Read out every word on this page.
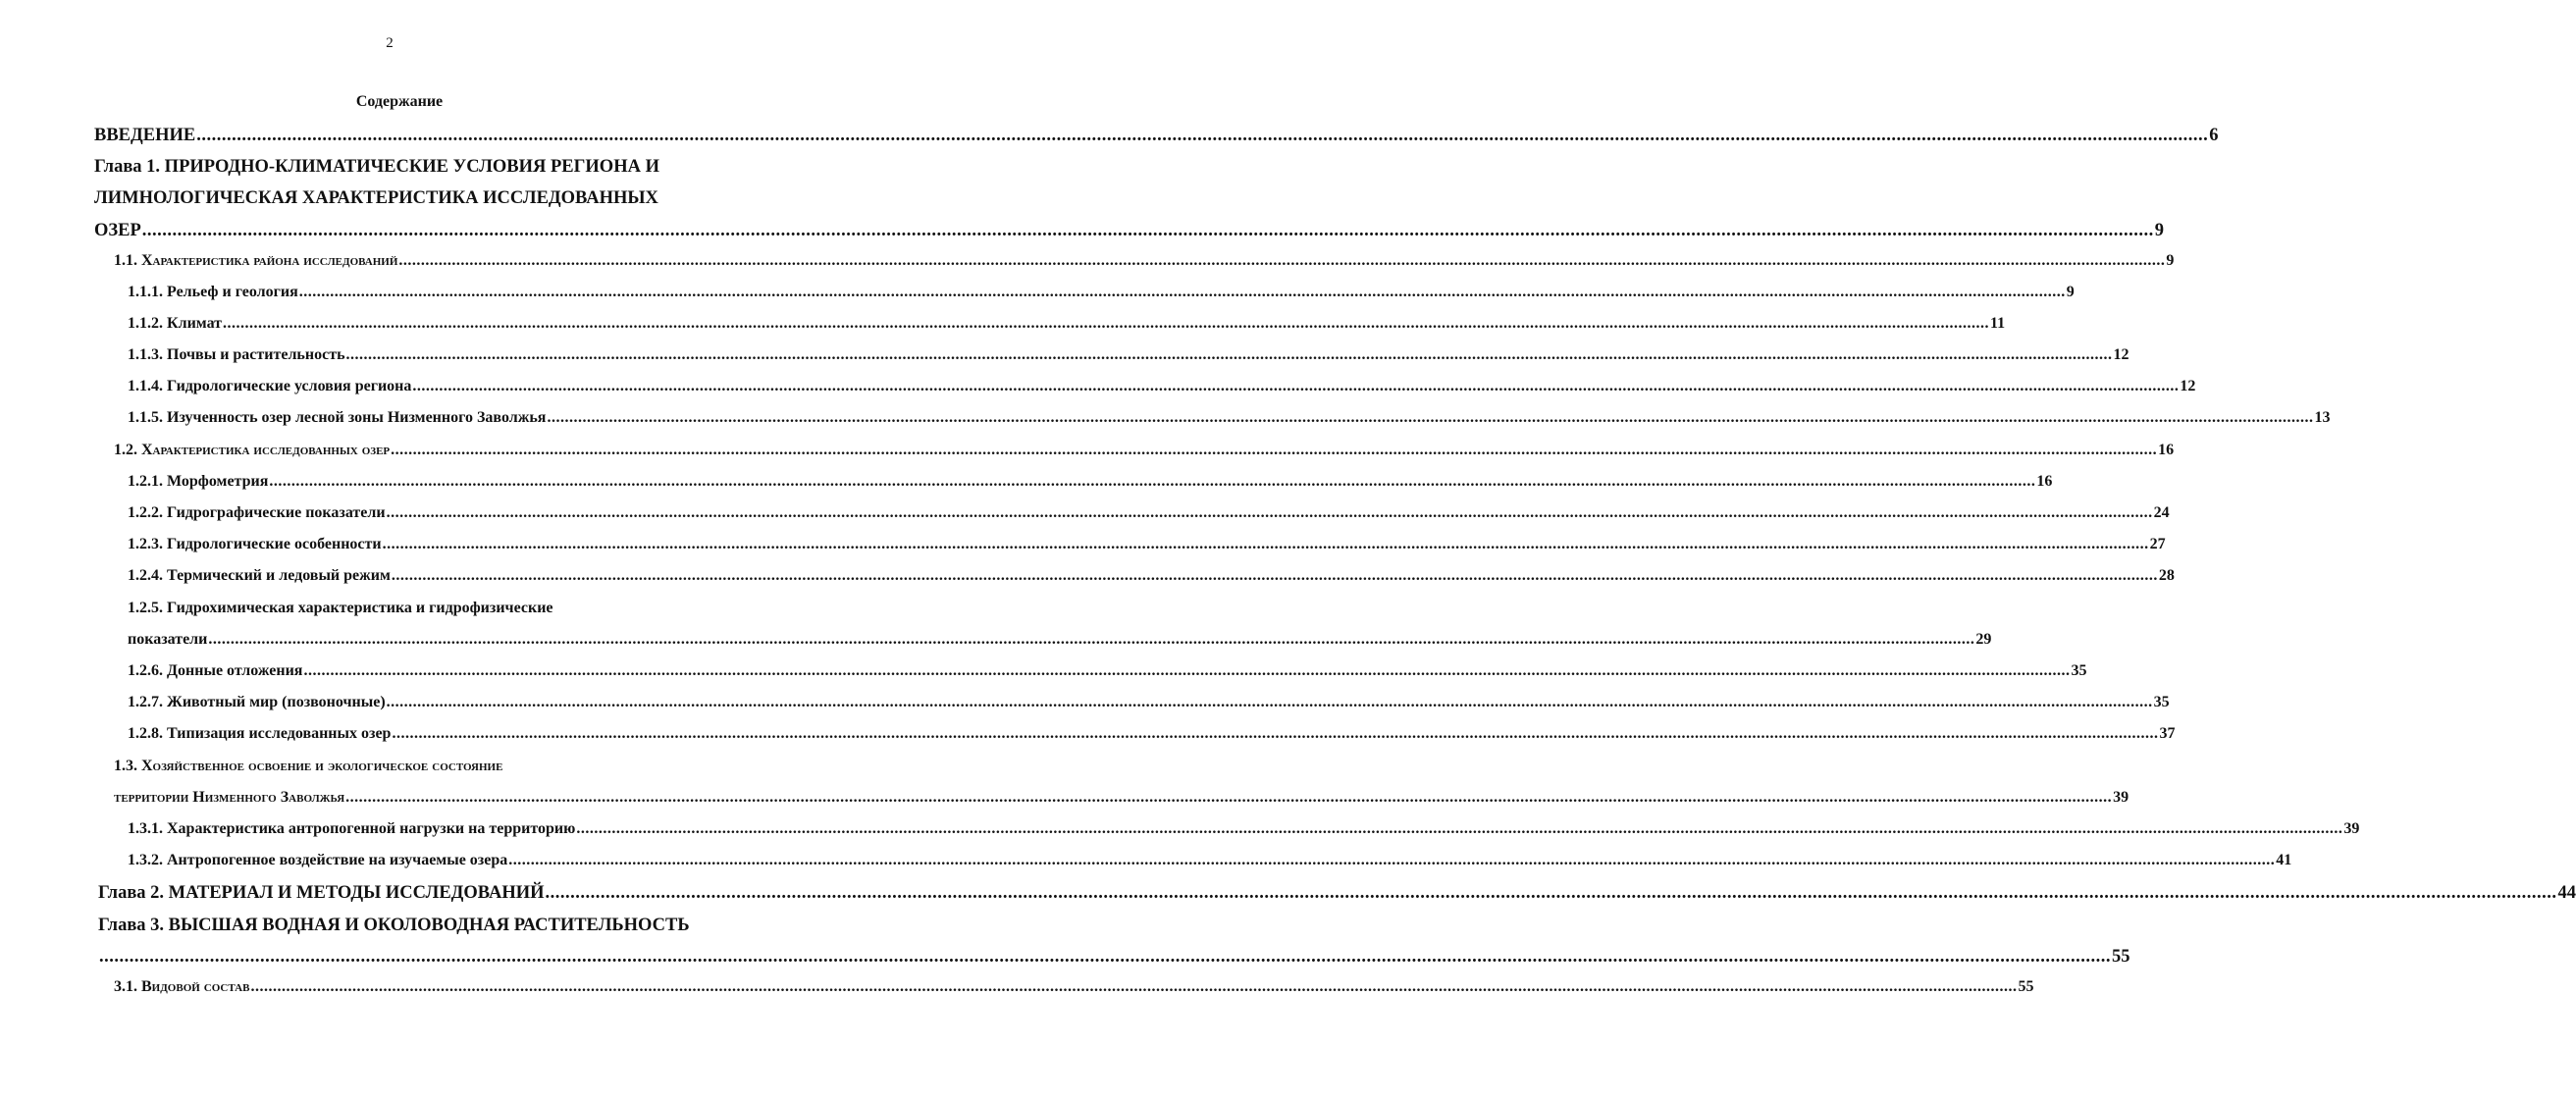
2
Содержание
ВВЕДЕНИЕ ................................................................................................................................................................................................................................................................................................................................................................................................................ 6
Глава 1. ПРИРОДНО-КЛИМАТИЧЕСКИЕ УСЛОВИЯ РЕГИОНА И
ЛИМНОЛОГИЧЕСКАЯ ХАРАКТЕРИСТИКА ИССЛЕДОВАННЫХ
ОЗЕР ................................................................................................................................................................................................................................................................................................................................................................................................................ 9
1.1. Характеристика района исследований ................................................................................................................................................................................................................................................................................................................................................................................................................ 9
1.1.1. Рельеф и геология ................................................................................................................................................................................................................................................................................................................................................................................................................ 9
1.1.2. Климат ................................................................................................................................................................................................................................................................................................................................................................................................................ 11
1.1.3. Почвы и растительность ................................................................................................................................................................................................................................................................................................................................................................................................................ 12
1.1.4. Гидрологические условия региона ................................................................................................................................................................................................................................................................................................................................................................................................................ 12
1.1.5. Изученность озер лесной зоны Низменного Заволжья ................................................................................................................................................................................................................................................................................................................................................................................................................ 13
1.2. Характеристика исследованных озер ................................................................................................................................................................................................................................................................................................................................................................................................................ 16
1.2.1. Морфометрия ................................................................................................................................................................................................................................................................................................................................................................................................................ 16
1.2.2. Гидрографические показатели ................................................................................................................................................................................................................................................................................................................................................................................................................ 24
1.2.3. Гидрологические особенности ................................................................................................................................................................................................................................................................................................................................................................................................................ 27
1.2.4. Термический и ледовый режим ................................................................................................................................................................................................................................................................................................................................................................................................................ 28
1.2.5. Гидрохимическая характеристика и гидрофизические
показатели ................................................................................................................................................................................................................................................................................................................................................................................................................ 29
1.2.6. Донные отложения ................................................................................................................................................................................................................................................................................................................................................................................................................ 35
1.2.7. Животный мир (позвоночные) ................................................................................................................................................................................................................................................................................................................................................................................................................ 35
1.2.8. Типизация исследованных озер ................................................................................................................................................................................................................................................................................................................................................................................................................ 37
1.3. Хозяйственное освоение и экологическое состояние
территории Низменного Заволжья ................................................................................................................................................................................................................................................................................................................................................................................................................ 39
1.3.1. Характеристика антропогенной нагрузки на территорию ................................................................................................................................................................................................................................................................................................................................................................................................................ 39
1.3.2. Антропогенное воздействие на изучаемые озера ................................................................................................................................................................................................................................................................................................................................................................................................................ 41
Глава 2. МАТЕРИАЛ И МЕТОДЫ ИССЛЕДОВАНИЙ ................................................................................................................................................................................................................................................................................................................................................................................................................ 44
Глава 3. ВЫСШАЯ ВОДНАЯ И ОКОЛОВОДНАЯ РАСТИТЕЛЬНОСТЬ
................................................................................................................................................................................................................................................................................................................................................................................................................ 55
3.1. Видовой состав ................................................................................................................................................................................................................................................................................................................................................................................................................ 55
